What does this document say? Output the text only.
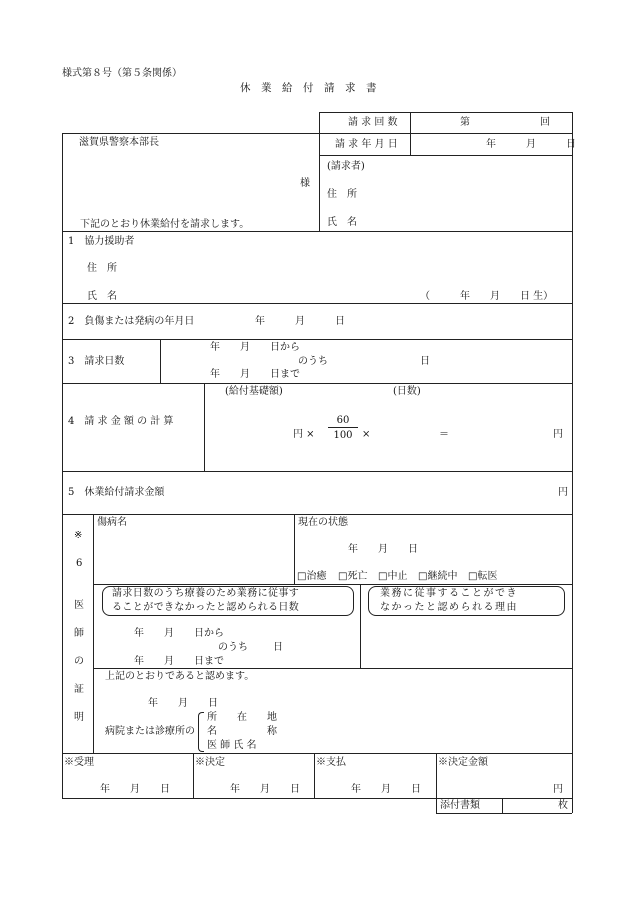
様式第８号（第５条関係）
休　業　給　付　請　求　書
請 求 回 数	第　　　　　　　回
請 求 年 月 日	年　　　月　　　日
滋賀県警察本部長
様
(請求者)
住　所
氏　名
下記のとおり休業給付を請求します。
1　協力援助者
住　所
氏　名	（　　　年　　月　　日 生）
2　負傷または発病の年月日	年　　　月　　　日
3　請求日数
年　　月　　日から
のうち
年　　月　　日まで
日
4　請 求 金 額 の 計 算
(給付基礎額)	(日数)
60
100
円 ×	×	＝	円
5　休業給付請求金額	円
※
6
医
師
の
証
明
傷病名	現在の状態
年　　月　　日
□ 治癒	□ 死亡	□ 中止	□ 継続中	□ 転医
請求日数のうち療養のため業務に従事す
ることができなかったと認められる日数
業務に従事することができ
なかったと認められる理由
年　　月　　日から
のうち	日
年　　月　　日まで
上記のとおりであると認めます。
年　　月　　日
病院または診療所の
所　　在　　地
名　　　　　称
医 師 氏 名
※受理
年　　月　　日
※決定
年　　月　　日
※支払
年　　月　　日
※決定金額
円
添付書類	枚
